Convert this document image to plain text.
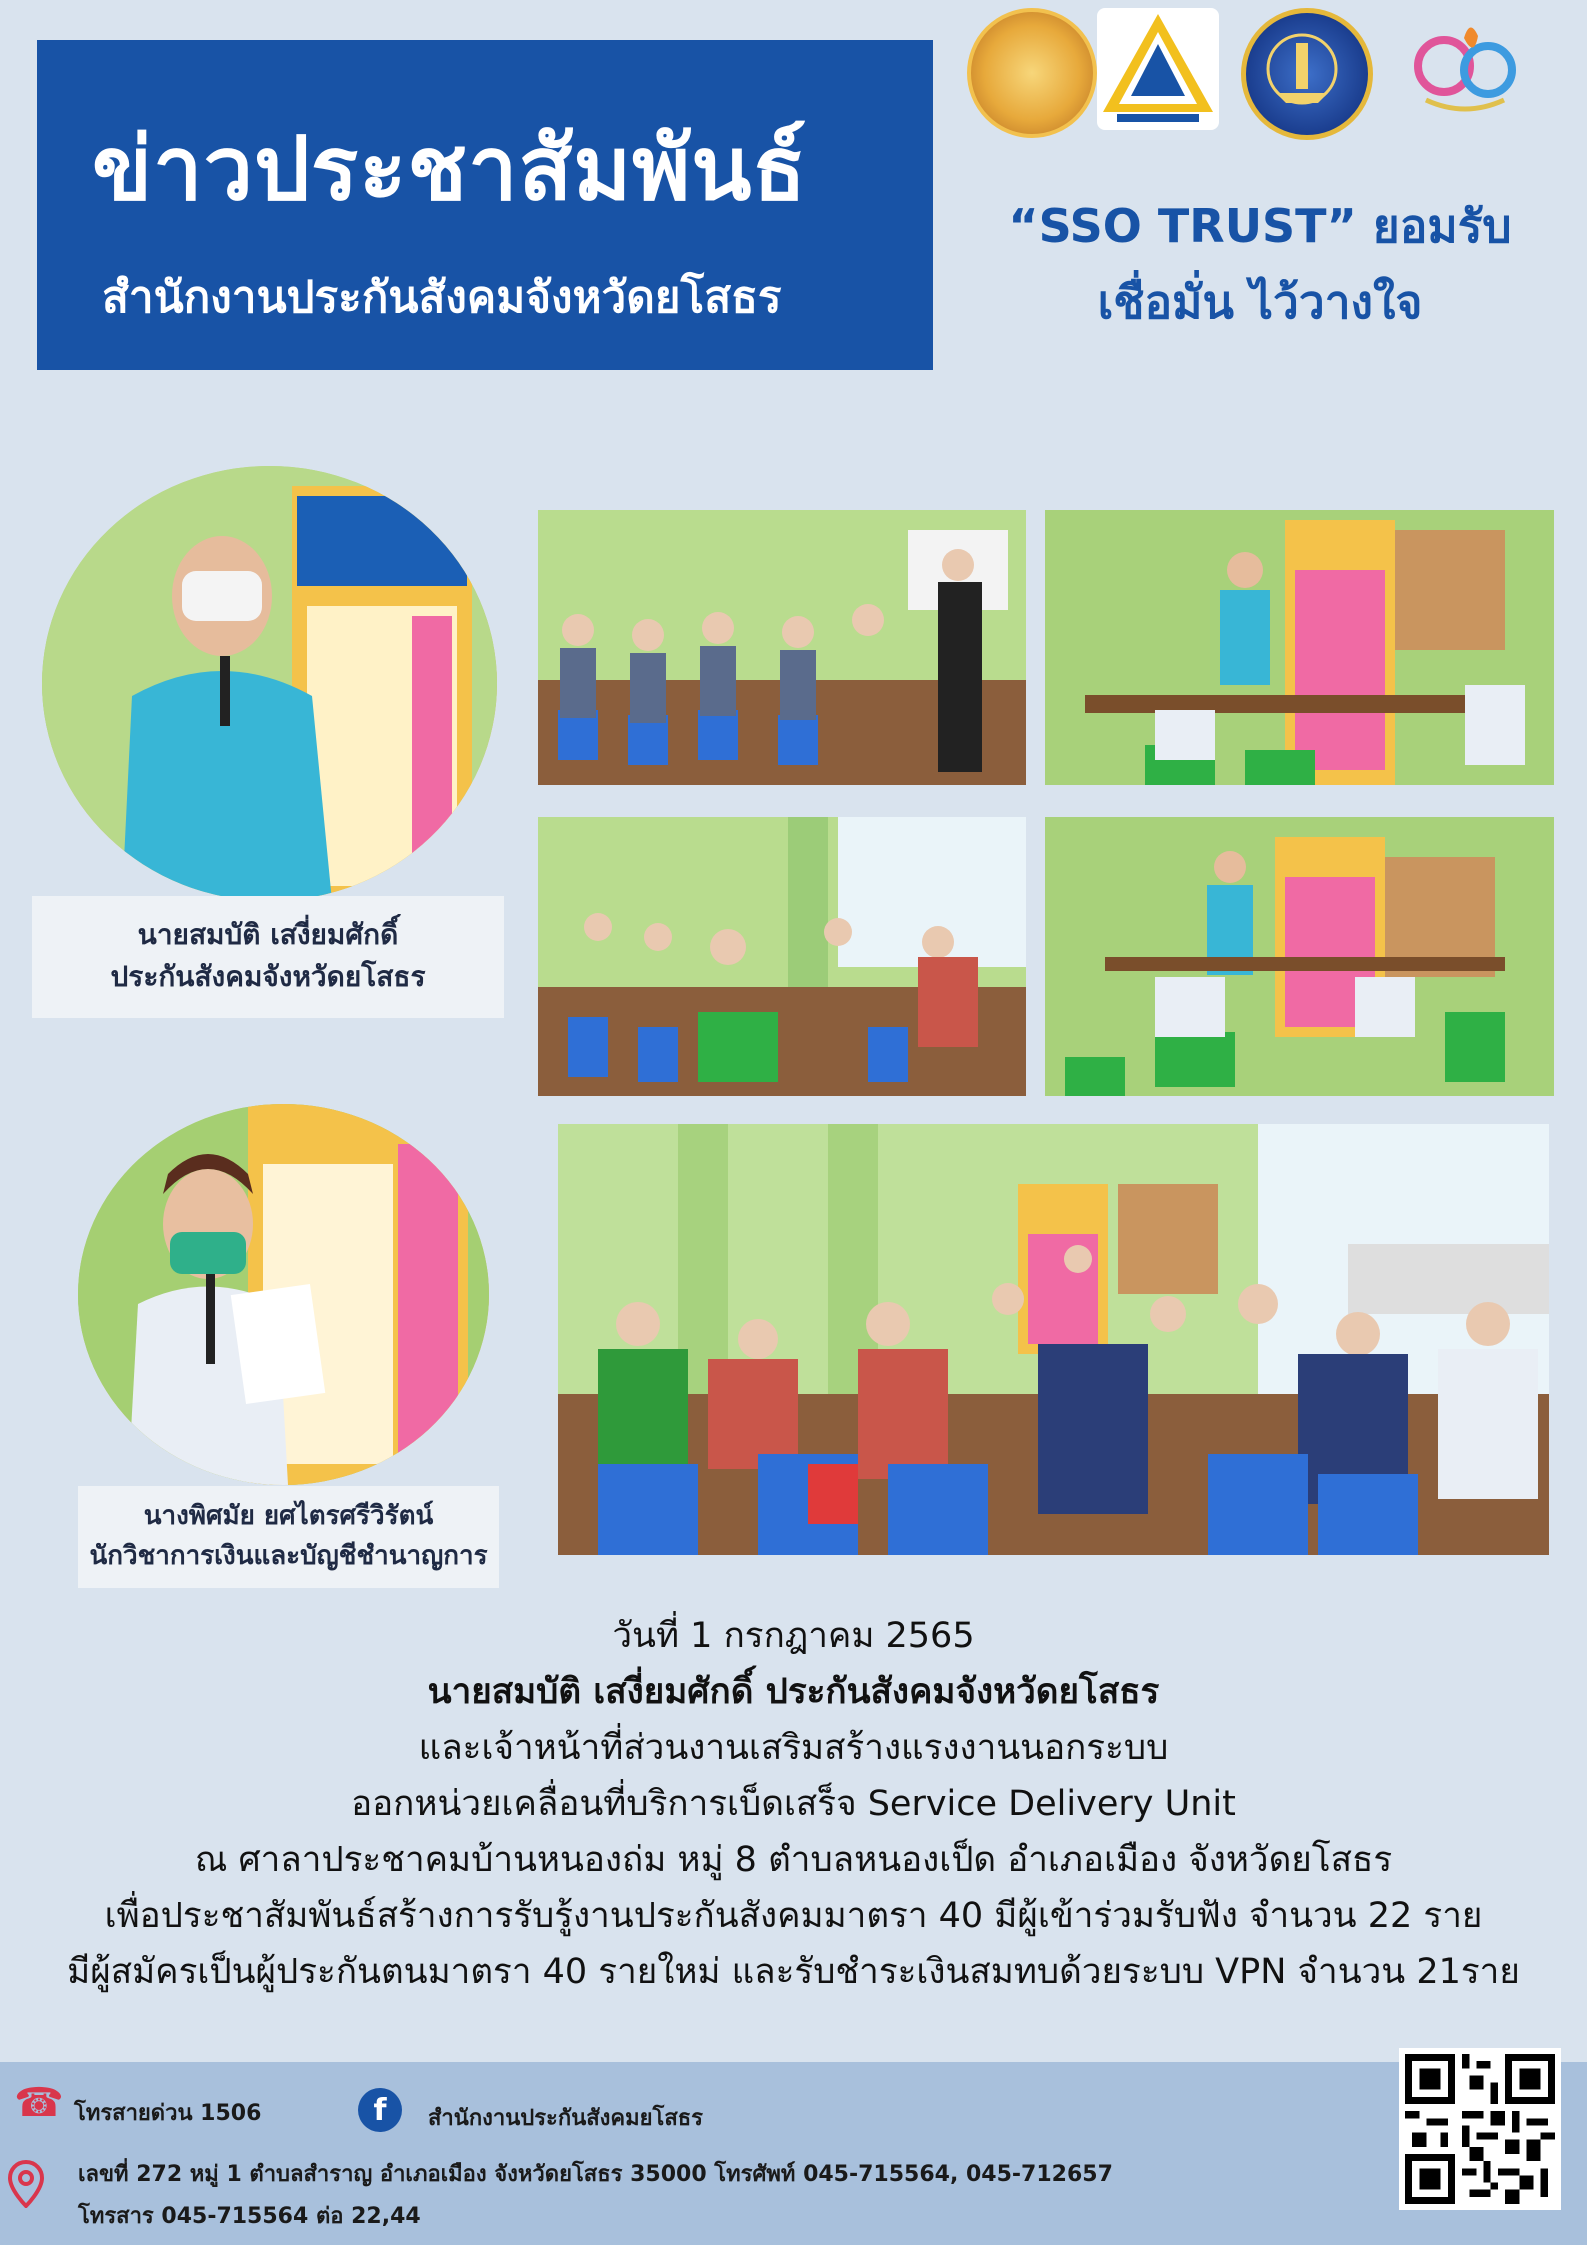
ข่าวประชาสัมพันธ์
สำนักงานประกันสังคมจังหวัดยโสธร
“SSO TRUST” ยอมรับ
เชื่อมั่น ไว้วางใจ
นายสมบัติ เสงี่ยมศักดิ์
ประกันสังคมจังหวัดยโสธร
นางพิศมัย ยศไตรศรีวิรัตน์
นักวิชาการเงินและบัญชีชำนาญการ
วันที่ 1 กรกฎาคม 2565
นายสมบัติ เสงี่ยมศักดิ์ ประกันสังคมจังหวัดยโสธร
และเจ้าหน้าที่ส่วนงานเสริมสร้างแรงงานนอกระบบ
ออกหน่วยเคลื่อนที่บริการเบ็ดเสร็จ Service Delivery Unit
ณ ศาลาประชาคมบ้านหนองถ่ม หมู่ 8 ตำบลหนองเป็ด อำเภอเมือง จังหวัดยโสธร
เพื่อประชาสัมพันธ์สร้างการรับรู้งานประกันสังคมมาตรา 40 มีผู้เข้าร่วมรับฟัง จำนวน 22 ราย
มีผู้สมัครเป็นผู้ประกันตนมาตรา 40 รายใหม่ และรับชำระเงินสมทบด้วยระบบ VPN จำนวน 21ราย
☎ โทรสายด่วน 1506	f	สำนักงานประกันสังคมยโสธร
เลขที่ 272 หมู่ 1 ตำบลสำราญ อำเภอเมือง จังหวัดยโสธร 35000 โทรศัพท์ 045-715564, 045-712657
โทรสาร 045-715564 ต่อ 22,44
